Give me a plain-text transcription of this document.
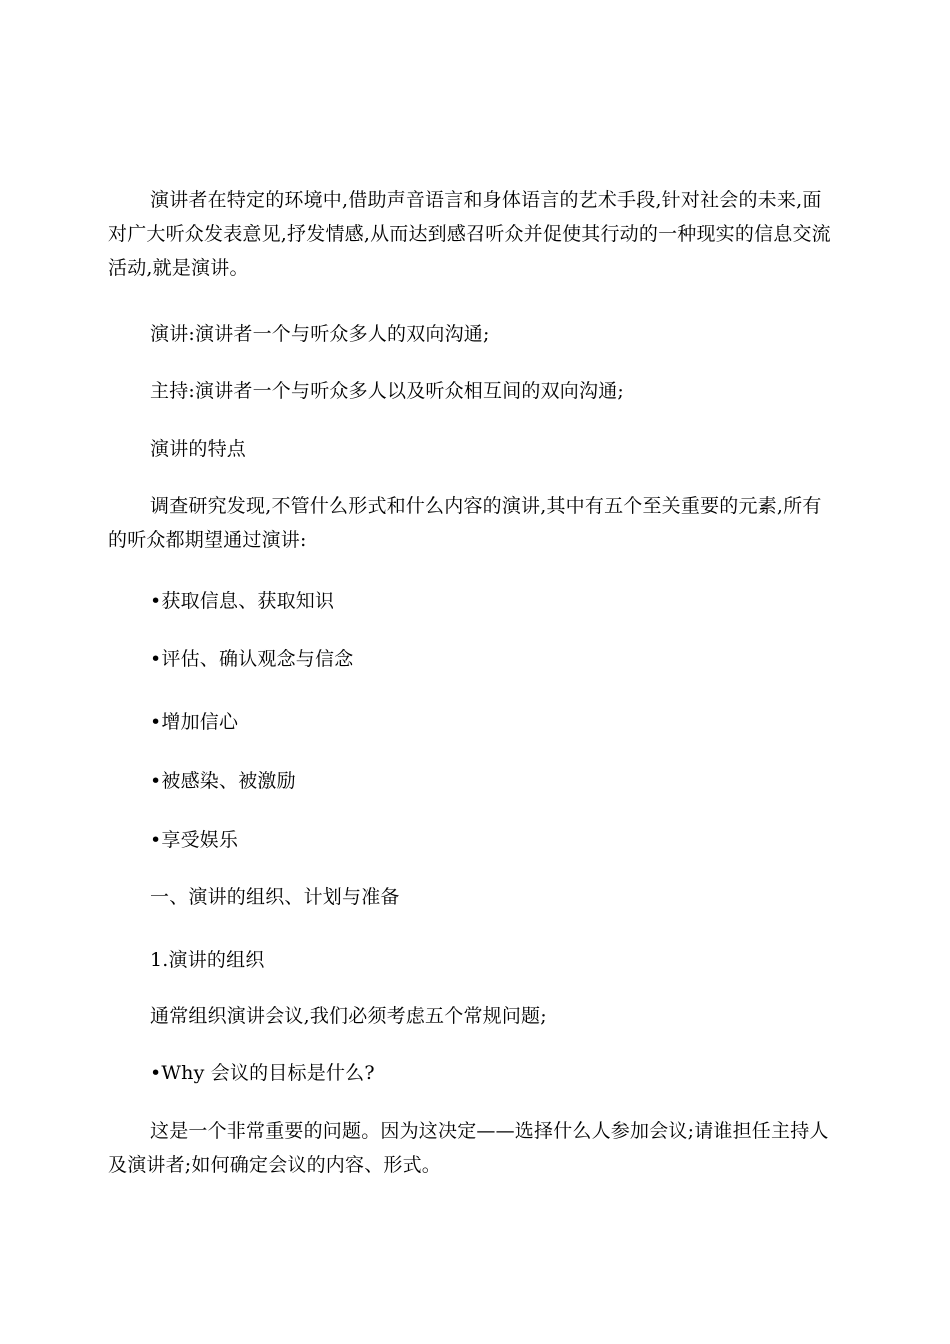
演讲者在特定的环境中,借助声音语言和身体语言的艺术手段,针对社会的未来,面对广大听众发表意见,抒发情感,从而达到感召听众并促使其行动的一种现实的信息交流活动,就是演讲。

演讲:演讲者一个与听众多人的双向沟通;

主持:演讲者一个与听众多人以及听众相互间的双向沟通;

演讲的特点

调查研究发现,不管什么形式和什么内容的演讲,其中有五个至关重要的元素,所有的听众都期望通过演讲:

•获取信息、获取知识

•评估、确认观念与信念

•增加信心

•被感染、被激励

•享受娱乐

一、演讲的组织、计划与准备

1.演讲的组织

通常组织演讲会议,我们必须考虑五个常规问题;

•Why 会议的目标是什么?

这是一个非常重要的问题。因为这决定——选择什么人参加会议;请谁担任主持人及演讲者;如何确定会议的内容、形式。
